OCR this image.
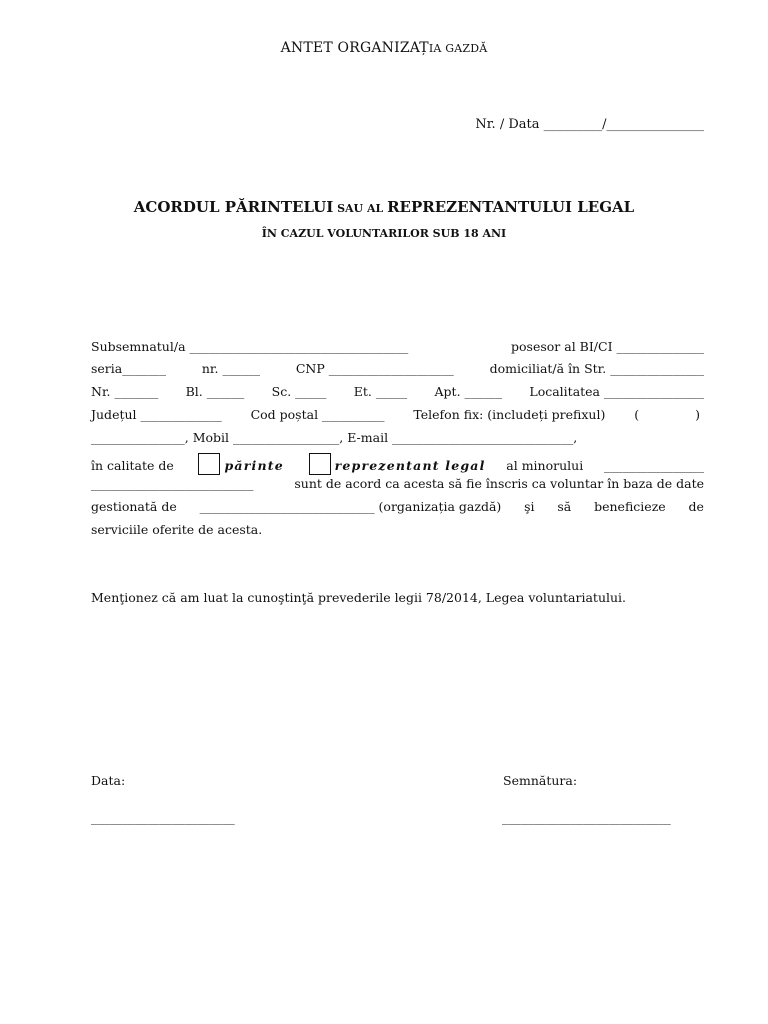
ANTET ORGANIZAȚIA GAZDĂ
Nr. / Data _________/_______________
ACORDUL PĂRINTELUI SAU AL REPREZENTANTULUI LEGAL
ÎN CAZUL VOLUNTARILOR SUB 18 ANI
Subsemnatul/a ___________________________________	posesor al BI/CI ______________
seria_______	nr. ______	CNP ____________________	domiciliat/ă în Str. _______________
Nr. _______ Bl. ______ Sc. _____ Et. _____ Apt. ______ Localitatea ________________
Județul _____________ Cod poștal __________ Telefon fix: (includeți prefixul) (	)
_______________, Mobil _________________, E-mail _____________________________,
în calitate de	părinte	reprezentant legal al minorului ________________
__________________________	sunt de acord ca acesta să fie înscris ca voluntar în baza de date
gestionată de ____________________________ (organizația gazdă) şi să beneficieze de
serviciile oferite de acesta.
Menţionez că am luat la cunoştinţă prevederile legii 78/2014, Legea voluntariatului.
Data:	Semnătura:
_______________________	___________________________
